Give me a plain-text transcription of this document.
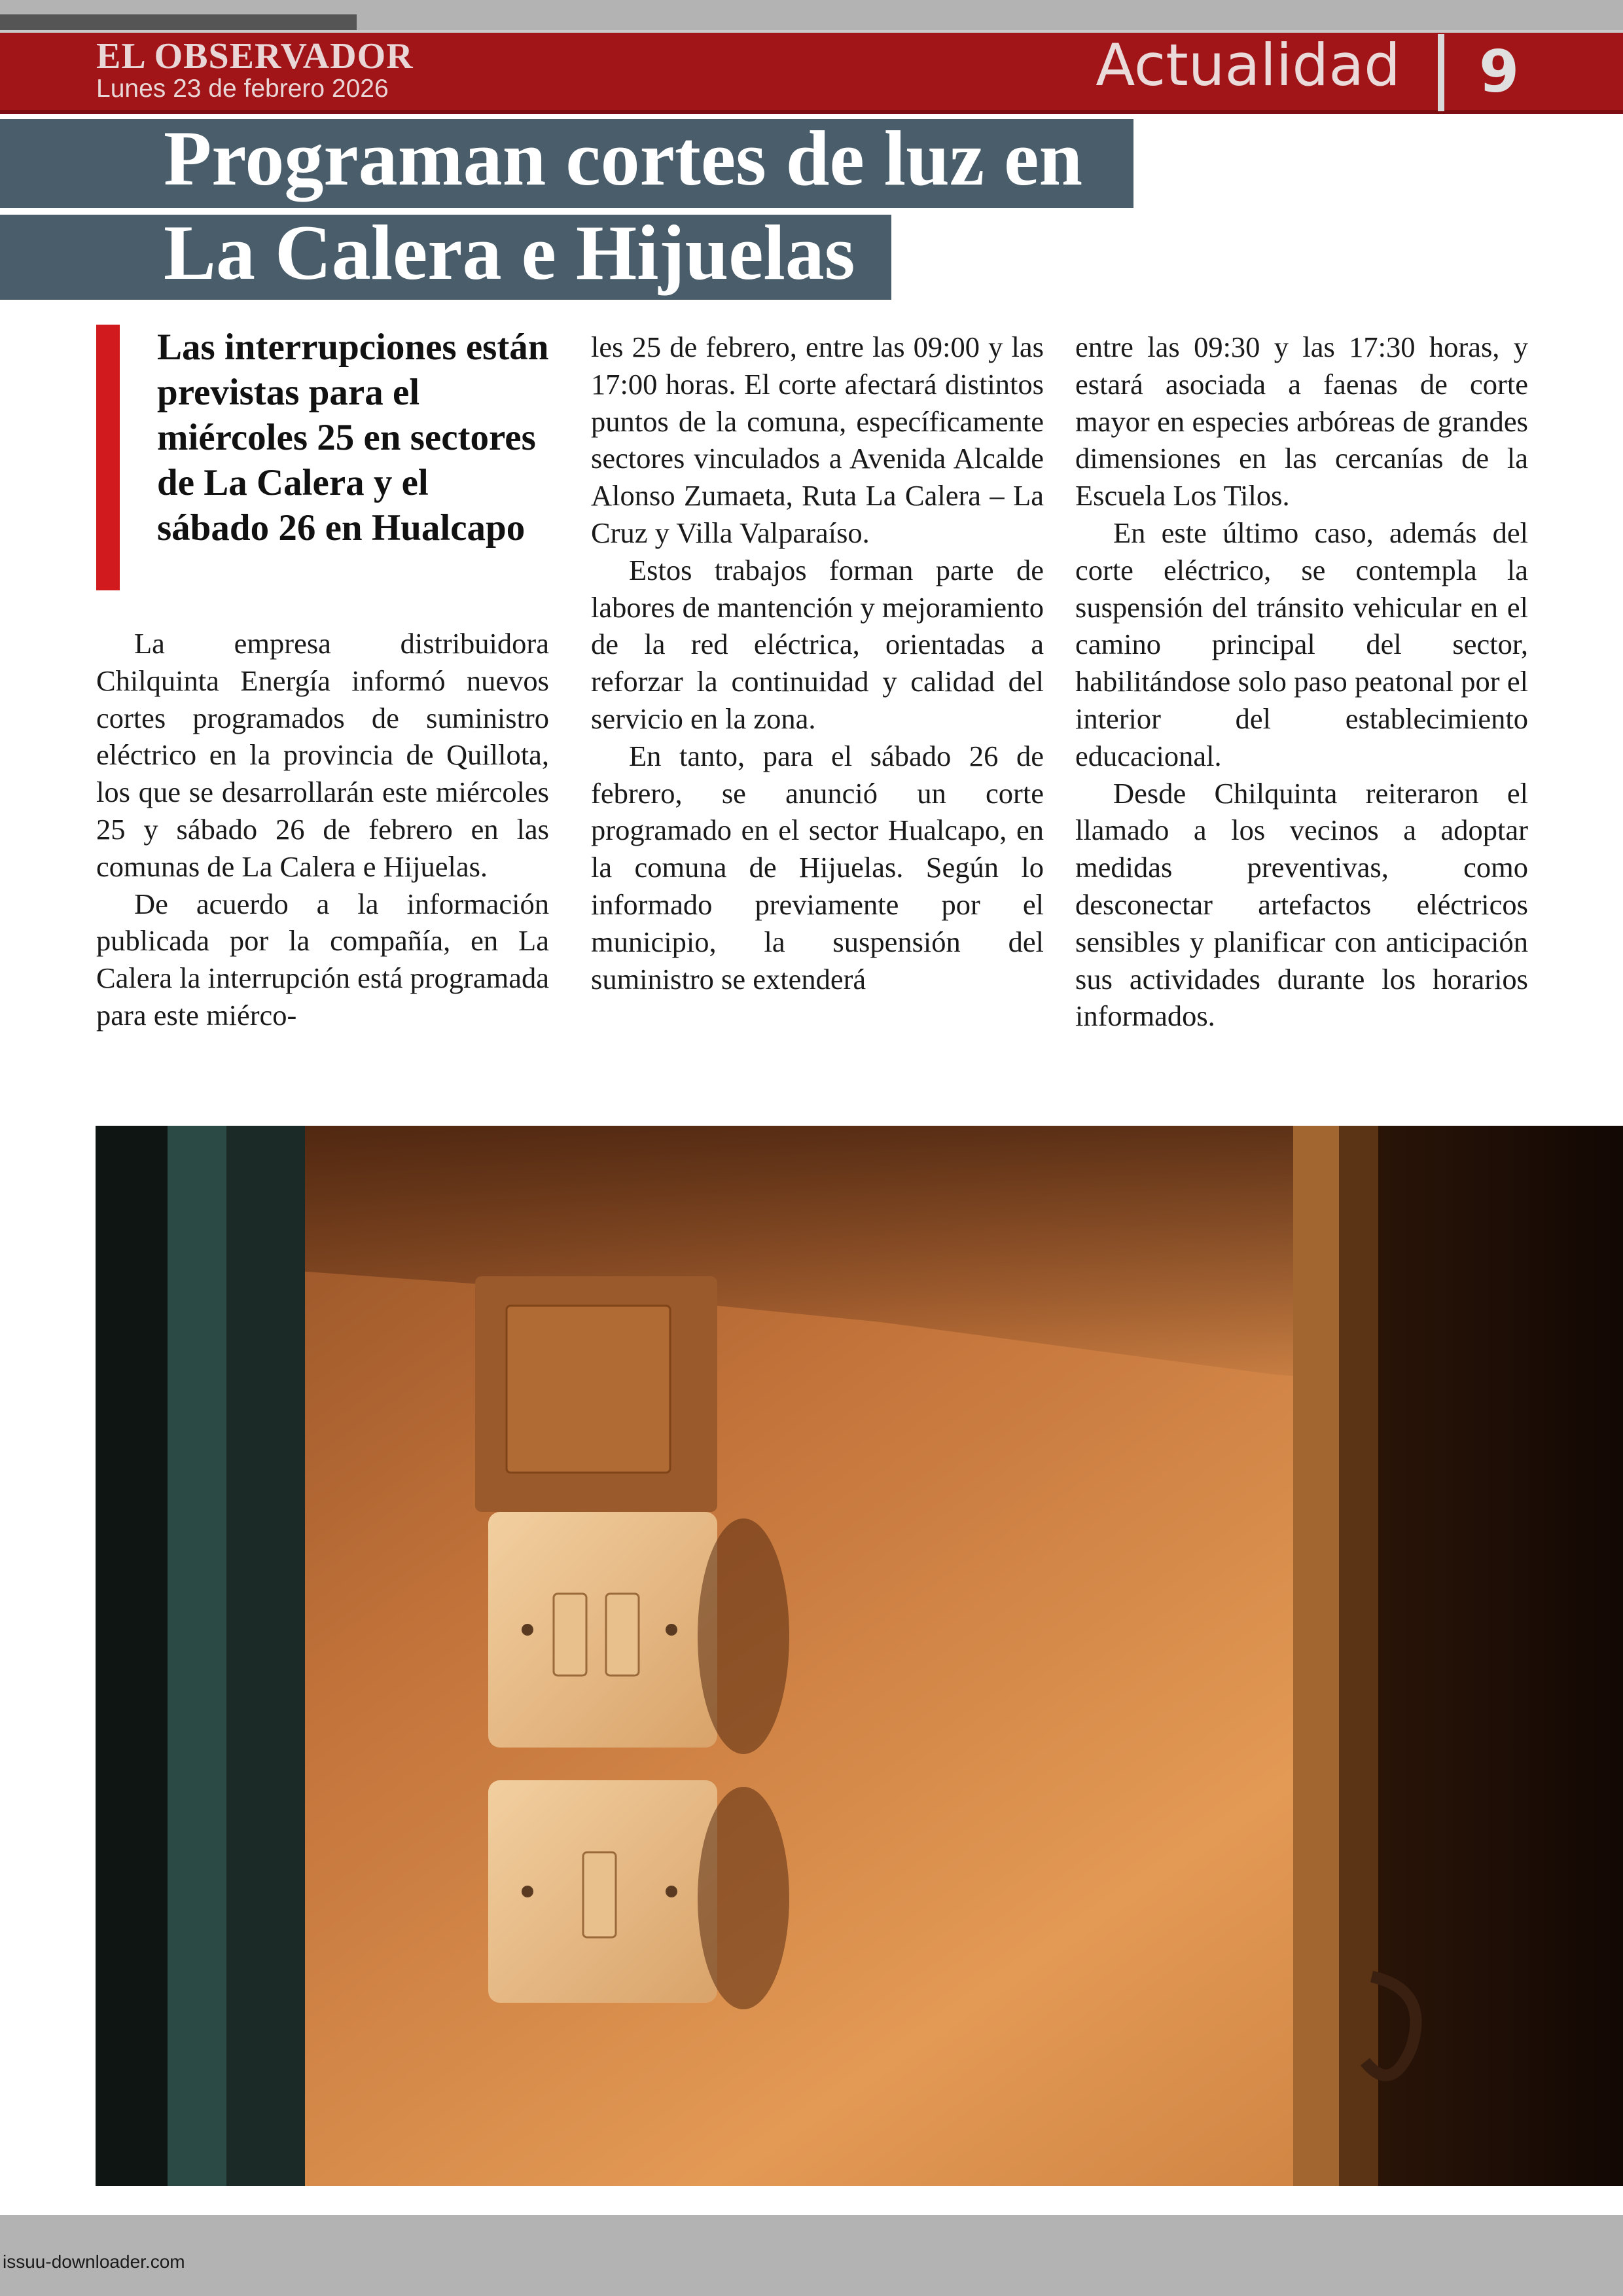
EL OBSERVADOR
Lunes 23 de febrero 2026	Actualidad 9
Programan cortes de luz en
La Calera e Hijuelas
Las interrupciones están previstas para el miércoles 25 en sectores de La Calera y el sábado 26 en Hualcapo

La empresa distribuidora Chilquinta Energía informó nuevos cortes programados de suministro eléctrico en la provincia de Quillota, los que se desarrollarán este miércoles 25 y sábado 26 de febrero en las comunas de La Calera e Hijuelas.

De acuerdo a la información publicada por la compañía, en La Calera la interrupción está programada para este miérco-

les 25 de febrero, entre las 09:00 y las 17:00 horas. El corte afectará distintos puntos de la comuna, específicamente sectores vinculados a Avenida Alcalde Alonso Zumaeta, Ruta La Calera – La Cruz y Villa Valparaíso.

Estos trabajos forman parte de labores de mantención y mejoramiento de la red eléctrica, orientadas a reforzar la continuidad y calidad del servicio en la zona.

En tanto, para el sábado 26 de febrero, se anunció un corte programado en el sector Hualcapo, en la comuna de Hijuelas. Según lo informado previamente por el municipio, la suspensión del suministro se extenderá

entre las 09:30 y las 17:30 horas, y estará asociada a faenas de corte mayor en especies arbóreas de grandes dimensiones en las cercanías de la Escuela Los Tilos.

En este último caso, además del corte eléctrico, se contempla la suspensión del tránsito vehicular en el camino principal del sector, habilitándose solo paso peatonal por el interior del establecimiento educacional.

Desde Chilquinta reiteraron el llamado a los vecinos a adoptar medidas preventivas, como desconectar artefactos eléctricos sensibles y planificar con anticipación sus actividades durante los horarios informados.

issuu-downloader.com
